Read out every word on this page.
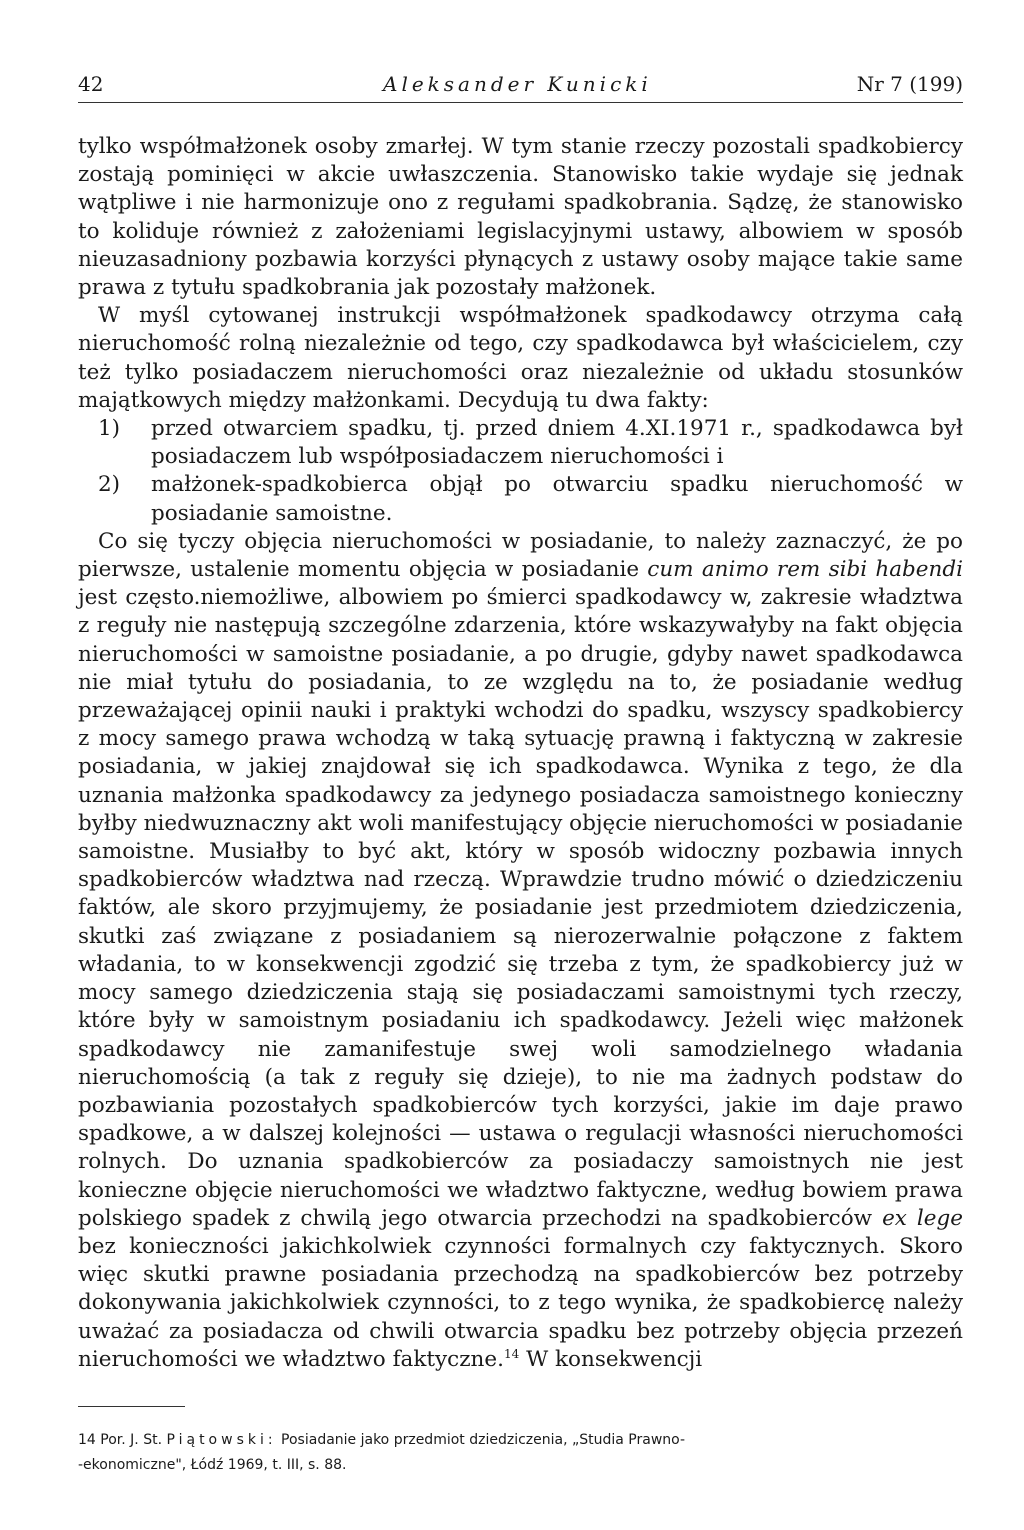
42	Aleksander Kunicki	Nr 7 (199)

tylko współmałżonek osoby zmarłej. W tym stanie rzeczy pozostali spadkobiercy zostają pominięci w akcie uwłaszczenia. Stanowisko takie wydaje się jednak wątpliwe i nie harmonizuje ono z regułami spadkobrania. Sądzę, że stanowisko to koliduje również z założeniami legislacyjnymi ustawy, albowiem w sposób nieuzasadniony pozbawia korzyści płynących z ustawy osoby mające takie same prawa z tytułu spadkobrania jak pozostały małżonek.

W myśl cytowanej instrukcji współmałżonek spadkodawcy otrzyma całą nieruchomość rolną niezależnie od tego, czy spadkodawca był właścicielem, czy też tylko posiadaczem nieruchomości oraz niezależnie od układu stosunków majątkowych między małżonkami. Decydują tu dwa fakty:

1) przed otwarciem spadku, tj. przed dniem 4.XI.1971 r., spadkodawca był posiadaczem lub współposiadaczem nieruchomości i
2) małżonek-spadkobierca objął po otwarciu spadku nieruchomość w posiadanie samoistne.

Co się tyczy objęcia nieruchomości w posiadanie, to należy zaznaczyć, że po pierwsze, ustalenie momentu objęcia w posiadanie cum animo rem sibi habendi jest często.niemożliwe, albowiem po śmierci spadkodawcy w, zakresie władztwa z reguły nie następują szczególne zdarzenia, które wskazywałyby na fakt objęcia nieruchomości w samoistne posiadanie, a po drugie, gdyby nawet spadkodawca nie miał tytułu do posiadania, to ze względu na to, że posiadanie według przeważającej opinii nauki i praktyki wchodzi do spadku, wszyscy spadkobiercy z mocy samego prawa wchodzą w taką sytuację prawną i faktyczną w zakresie posiadania, w jakiej znajdował się ich spadkodawca. Wynika z tego, że dla uznania małżonka spadkodawcy za jedynego posiadacza samoistnego konieczny byłby niedwuznaczny akt woli manifestujący objęcie nieruchomości w posiadanie samoistne. Musiałby to być akt, który w sposób widoczny pozbawia innych spadkobierców władztwa nad rzeczą. Wprawdzie trudno mówić o dziedziczeniu faktów, ale skoro przyjmujemy, że posiadanie jest przedmiotem dziedziczenia, skutki zaś związane z posiadaniem są nierozerwalnie połączone z faktem władania, to w konsekwencji zgodzić się trzeba z tym, że spadkobiercy już w mocy samego dziedziczenia stają się posiadaczami samoistnymi tych rzeczy, które były w samoistnym posiadaniu ich spadkodawcy. Jeżeli więc małżonek spadkodawcy nie zamanifestuje swej woli samodzielnego władania nieruchomością (a tak z reguły się dzieje), to nie ma żadnych podstaw do pozbawiania pozostałych spadkobierców tych korzyści, jakie im daje prawo spadkowe, a w dalszej kolejności — ustawa o regulacji własności nieruchomości rolnych. Do uznania spadkobierców za posiadaczy samoistnych nie jest konieczne objęcie nieruchomości we władztwo faktyczne, według bowiem prawa polskiego spadek z chwilą jego otwarcia przechodzi na spadkobierców ex lege bez konieczności jakichkolwiek czynności formalnych czy faktycznych. Skoro więc skutki prawne posiadania przechodzą na spadkobierców bez potrzeby dokonywania jakichkolwiek czynności, to z tego wynika, że spadkobiercę należy uważać za posiadacza od chwili otwarcia spadku bez potrzeby objęcia przezeń nieruchomości we władztwo faktyczne.$^{14}$ W konsekwencji

14 Por. J. St. Piątowski: Posiadanie jako przedmiot dziedziczenia, „Studia Prawno-
-ekonomiczne", Łódź 1969, t. III, s. 88.
